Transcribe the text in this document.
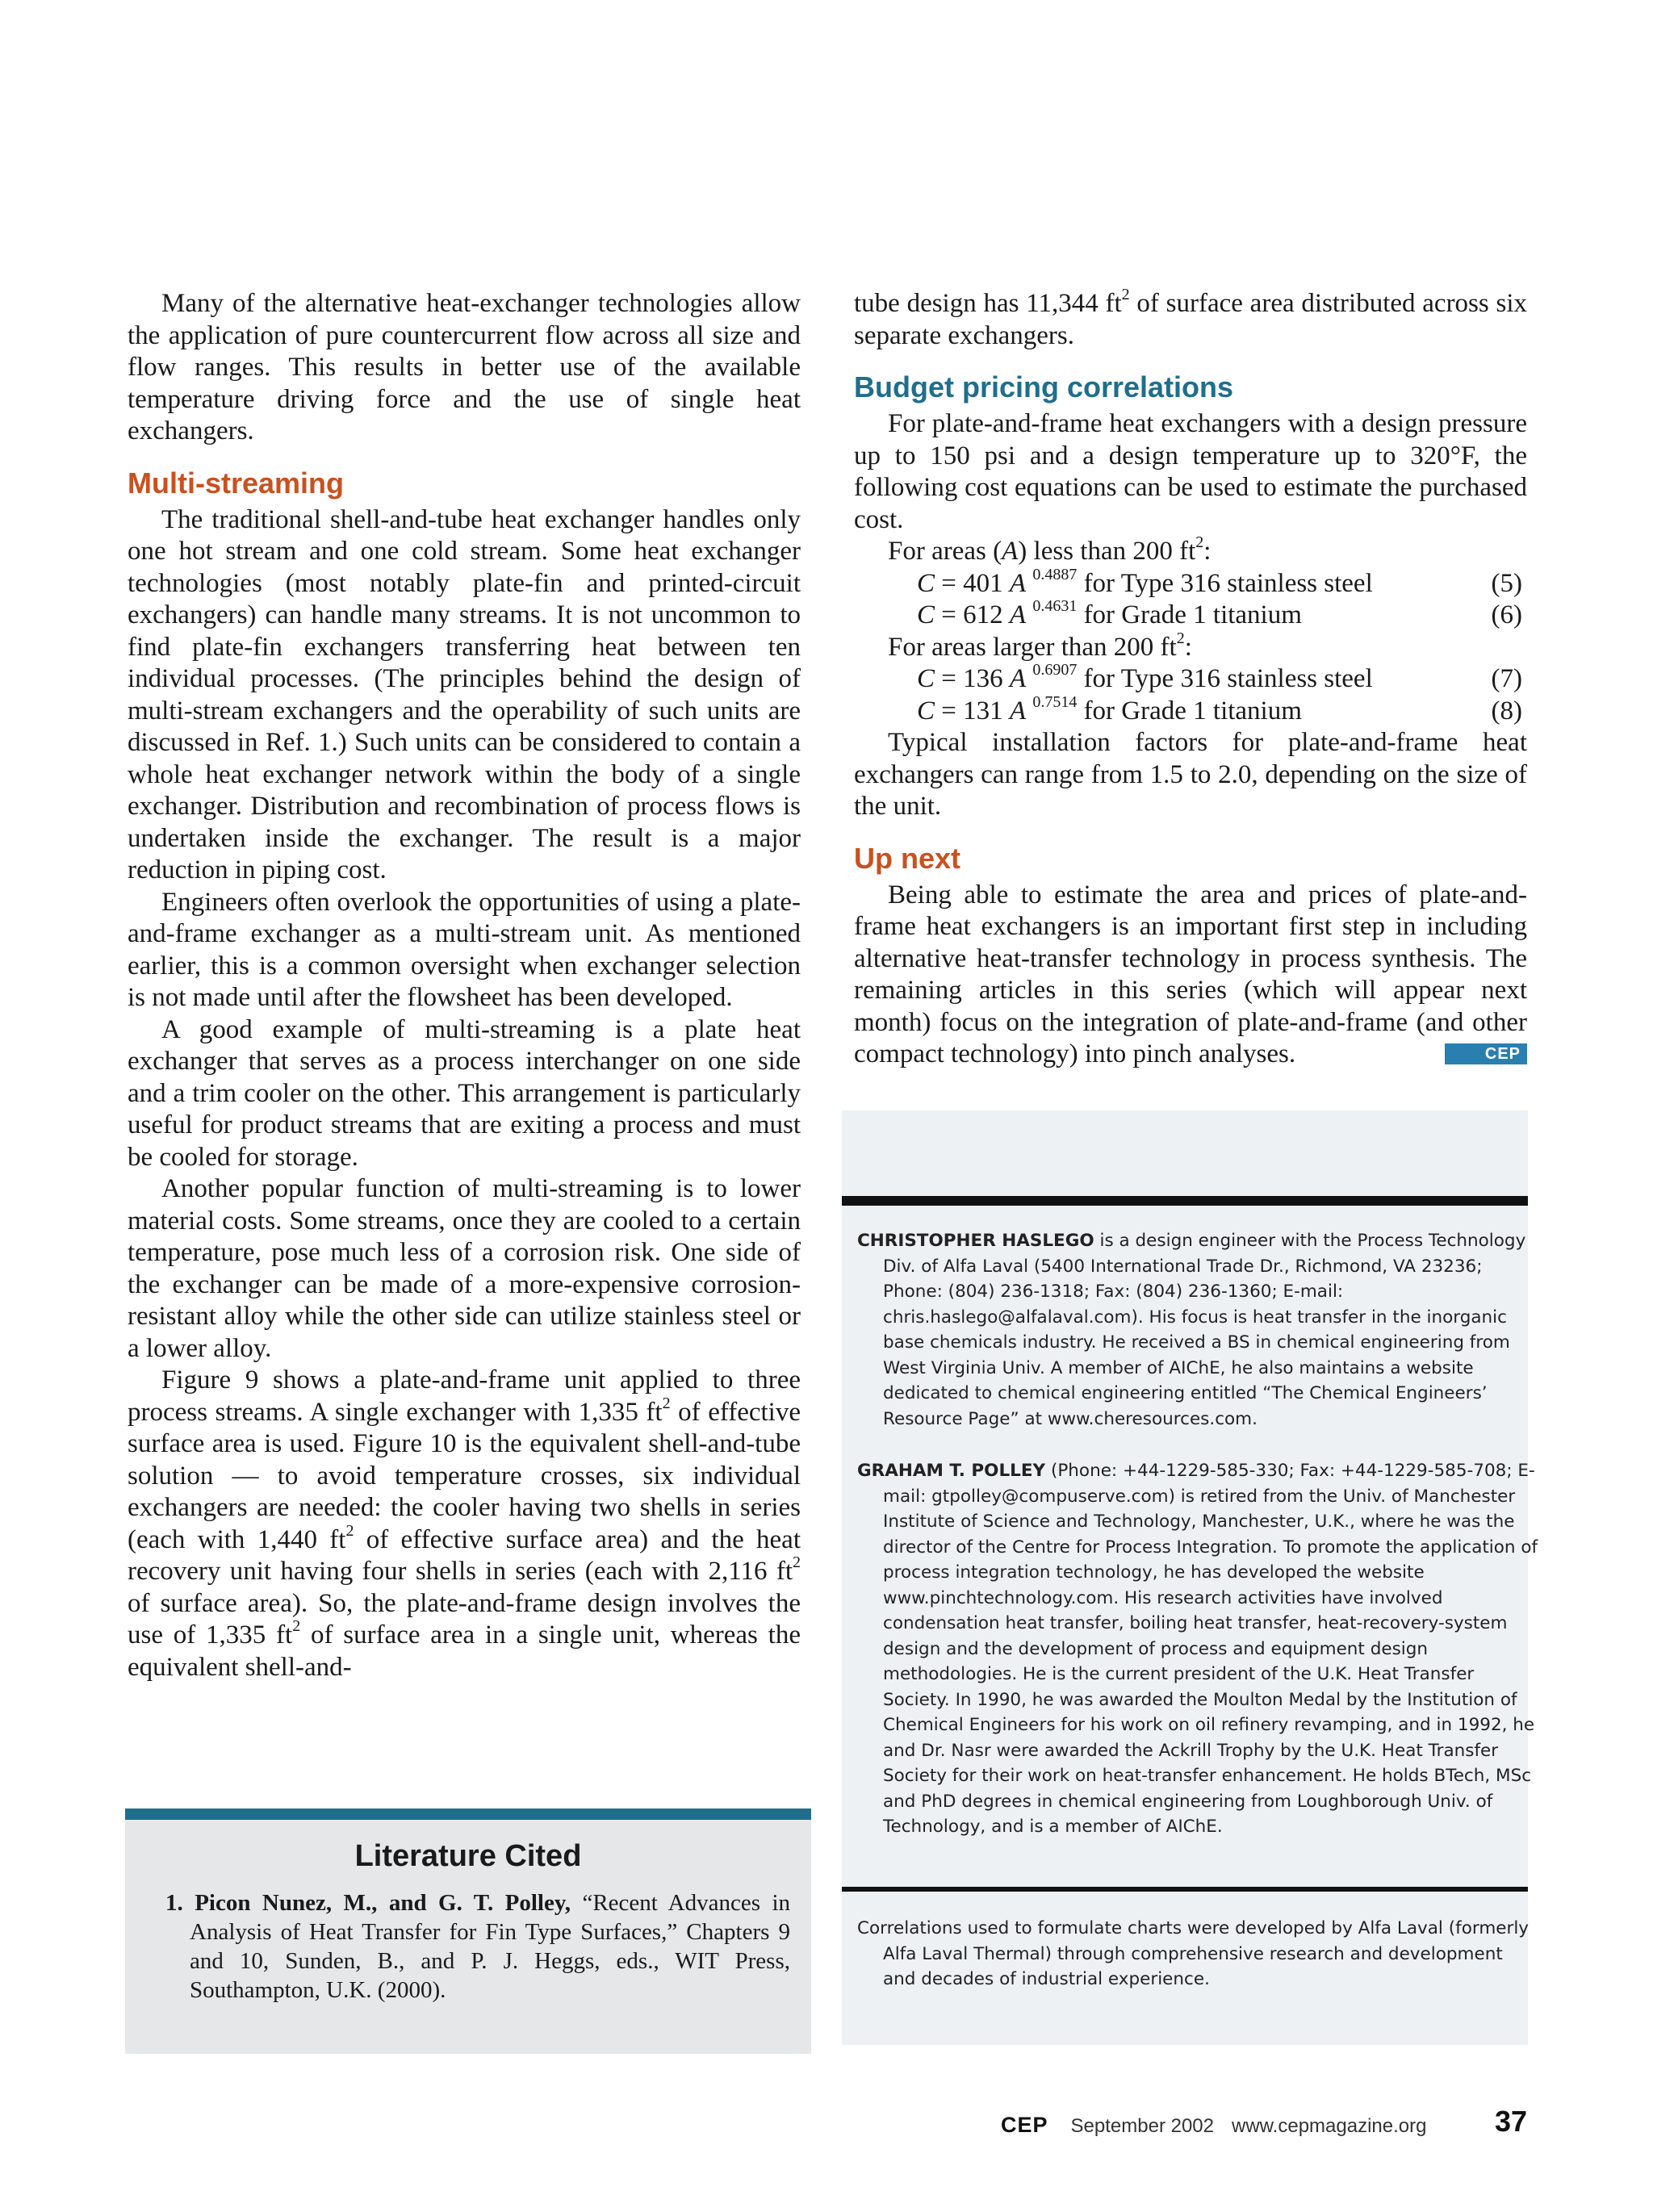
Many of the alternative heat-exchanger technologies allow the application of pure countercurrent flow across all size and flow ranges. This results in better use of the available temperature driving force and the use of single heat exchangers.

Multi-streaming

The traditional shell-and-tube heat exchanger handles only one hot stream and one cold stream. Some heat exchanger technologies (most notably plate-fin and printed-circuit exchangers) can handle many streams. It is not uncommon to find plate-fin exchangers transferring heat between ten individual processes. (The principles behind the design of multi-stream exchangers and the operability of such units are discussed in Ref. 1.) Such units can be considered to contain a whole heat exchanger network within the body of a single exchanger. Distribution and recombination of process flows is undertaken inside the exchanger. The result is a major reduction in piping cost.

Engineers often overlook the opportunities of using a plate-and-frame exchanger as a multi-stream unit. As mentioned earlier, this is a common oversight when exchanger selection is not made until after the flowsheet has been developed.

A good example of multi-streaming is a plate heat exchanger that serves as a process interchanger on one side and a trim cooler on the other. This arrangement is particularly useful for product streams that are exiting a process and must be cooled for storage.

Another popular function of multi-streaming is to lower material costs. Some streams, once they are cooled to a certain temperature, pose much less of a corrosion risk. One side of the exchanger can be made of a more-expensive corrosion-resistant alloy while the other side can utilize stainless steel or a lower alloy.

Figure 9 shows a plate-and-frame unit applied to three process streams. A single exchanger with 1,335 $ft^2$ of effective surface area is used. Figure 10 is the equivalent shell-and-tube solution — to avoid temperature crosses, six individual exchangers are needed: the cooler having two shells in series (each with 1,440 $ft^2$ of effective surface area) and the heat recovery unit having four shells in series (each with 2,116 $ft^2$ of surface area). So, the plate-and-frame design involves the use of 1,335 $ft^2$ of surface area in a single unit, whereas the equivalent shell-and-

tube design has 11,344 $ft^2$ of surface area distributed across six separate exchangers.

Budget pricing correlations

For plate-and-frame heat exchangers with a design pressure up to 150 psi and a design temperature up to 320°F, the following cost equations can be used to estimate the purchased cost.

For areas (A) less than 200 $ft^2$:
C = 401 A $^{0.4887}$ for Type 316 stainless steel	(5)
C = 612 A $^{0.4631}$ for Grade 1 titanium	(6)
For areas larger than 200 $ft^2$:
C = 136 A $^{0.6907}$ for Type 316 stainless steel	(7)
C = 131 A $^{0.7514}$ for Grade 1 titanium	(8)

Typical installation factors for plate-and-frame heat exchangers can range from 1.5 to 2.0, depending on the size of the unit.

Up next

Being able to estimate the area and prices of plate-and-frame heat exchangers is an important first step in including alternative heat-transfer technology in process synthesis. The remaining articles in this series (which will appear next month) focus on the integration of plate-and-frame (and other compact technology) into pinch analyses.	CEP

Literature Cited
1. Picon Nunez, M., and G. T. Polley, “Recent Advances in Analysis of Heat Transfer for Fin Type Surfaces,” Chapters 9 and 10, Sunden, B., and P. J. Heggs, eds., WIT Press, Southampton, U.K. (2000).
CHRISTOPHER HASLEGO is a design engineer with the Process Technology Div. of Alfa Laval (5400 International Trade Dr., Richmond, VA 23236; Phone: (804) 236-1318; Fax: (804) 236-1360; E-mail: chris.haslego@alfalaval.com). His focus is heat transfer in the inorganic base chemicals industry. He received a BS in chemical engineering from West Virginia Univ. A member of AIChE, he also maintains a website dedicated to chemical engineering entitled “The Chemical Engineers’ Resource Page” at www.cheresources.com.
GRAHAM T. POLLEY (Phone: +44-1229-585-330; Fax: +44-1229-585-708; E-mail: gtpolley@compuserve.com) is retired from the Univ. of Manchester Institute of Science and Technology, Manchester, U.K., where he was the director of the Centre for Process Integration. To promote the application of process integration technology, he has developed the website www.pinchtechnology.com. His research activities have involved condensation heat transfer, boiling heat transfer, heat-recovery-system design and the development of process and equipment design methodologies. He is the current president of the U.K. Heat Transfer Society. In 1990, he was awarded the Moulton Medal by the Institution of Chemical Engineers for his work on oil refinery revamping, and in 1992, he and Dr. Nasr were awarded the Ackrill Trophy by the U.K. Heat Transfer Society for their work on heat-transfer enhancement. He holds BTech, MSc and PhD degrees in chemical engineering from Loughborough Univ. of Technology, and is a member of AIChE.
Correlations used to formulate charts were developed by Alfa Laval (formerly Alfa Laval Thermal) through comprehensive research and development and decades of industrial experience.
CEP September 2002 www.cepmagazine.org 37
